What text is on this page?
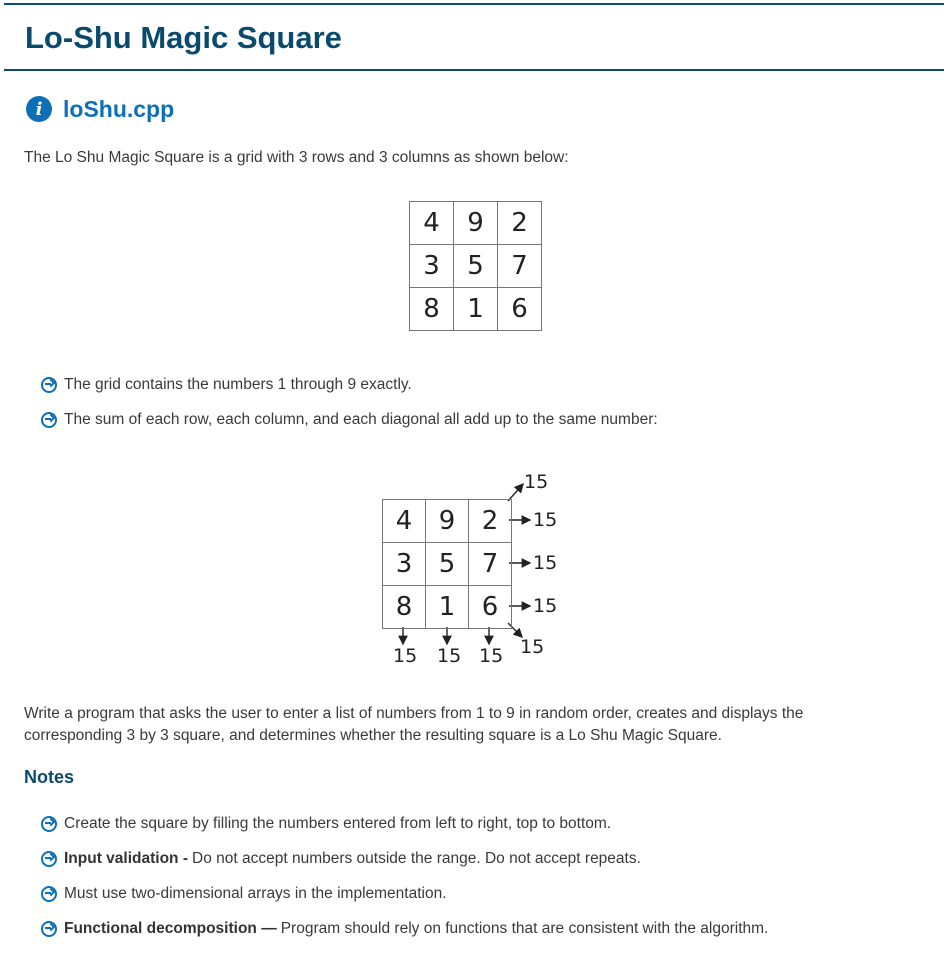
Lo-Shu Magic Square
i loShu.cpp

The Lo Shu Magic Square is a grid with 3 rows and 3 columns as shown below:

4	9	2
3	5	7
8	1	6
The grid contains the numbers 1 through 9 exactly.
The sum of each row, each column, and each diagonal all add up to the same number:
4	9	2
3	5	7
8	1	6
15
15
15
15
15 15 15 15

Write a program that asks the user to enter a list of numbers from 1 to 9 in random order, creates and displays the corresponding 3 by 3 square, and determines whether the resulting square is a Lo Shu Magic Square.

Notes
Create the square by filling the numbers entered from left to right, top to bottom.
Input validation - Do not accept numbers outside the range. Do not accept repeats.
Must use two-dimensional arrays in the implementation.
Functional decomposition — Program should rely on functions that are consistent with the algorithm.
